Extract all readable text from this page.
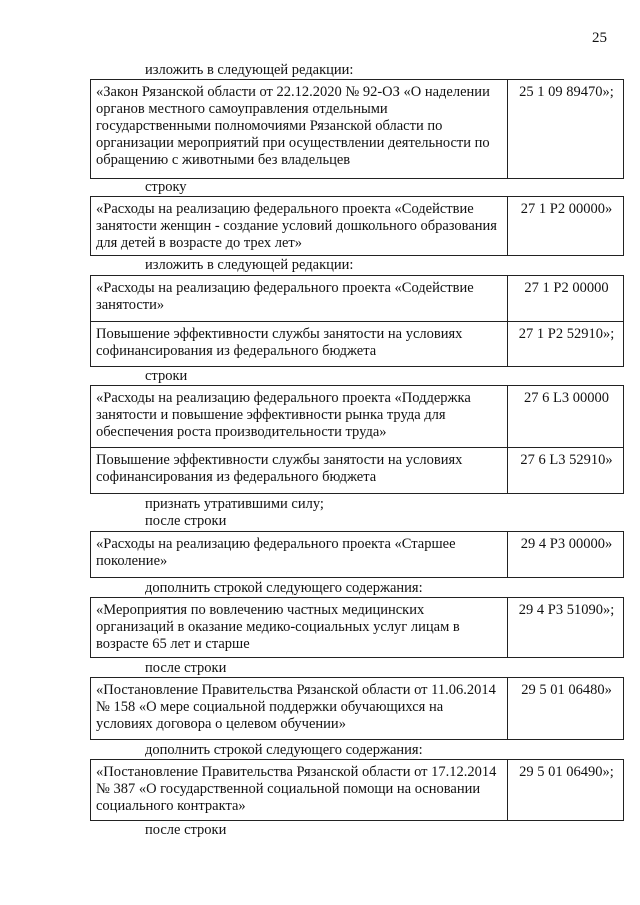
25
изложить в следующей редакции:
«Закон Рязанской области от 22.12.2020 № 92-ОЗ «О наделении органов местного самоуправления отдельными государственными полномочиями Рязанской области по организации мероприятий при осуществлении деятельности по обращению с животными без владельцев
25 1 09 89470»;
строку
«Расходы на реализацию федерального проекта «Содействие занятости женщин - создание условий дошкольного образования для детей в возрасте до трех лет»
27 1 P2 00000»
изложить в следующей редакции:
«Расходы на реализацию федерального проекта «Содействие занятости»
27 1 P2 00000
Повышение эффективности службы занятости на условиях софинансирования из федерального бюджета
27 1 P2 52910»;
строки
«Расходы на реализацию федерального проекта «Поддержка занятости и повышение эффективности рынка труда для обеспечения роста производительности труда»
27 6 L3 00000
Повышение эффективности службы занятости на условиях софинансирования из федерального бюджета
27 6 L3 52910»
признать утратившими силу;
после строки
«Расходы на реализацию федерального проекта «Старшее поколение»
29 4 P3 00000»
дополнить строкой следующего содержания:
«Мероприятия по вовлечению частных медицинских организаций в оказание медико-социальных услуг лицам в возрасте 65 лет и старше
29 4 P3 51090»;
после строки
«Постановление Правительства Рязанской области от 11.06.2014 № 158 «О мере социальной поддержки обучающихся на условиях договора о целевом обучении»
29 5 01 06480»
дополнить строкой следующего содержания:
«Постановление Правительства Рязанской области от 17.12.2014 № 387 «О государственной социальной помощи на основании социального контракта»
29 5 01 06490»;
после строки
